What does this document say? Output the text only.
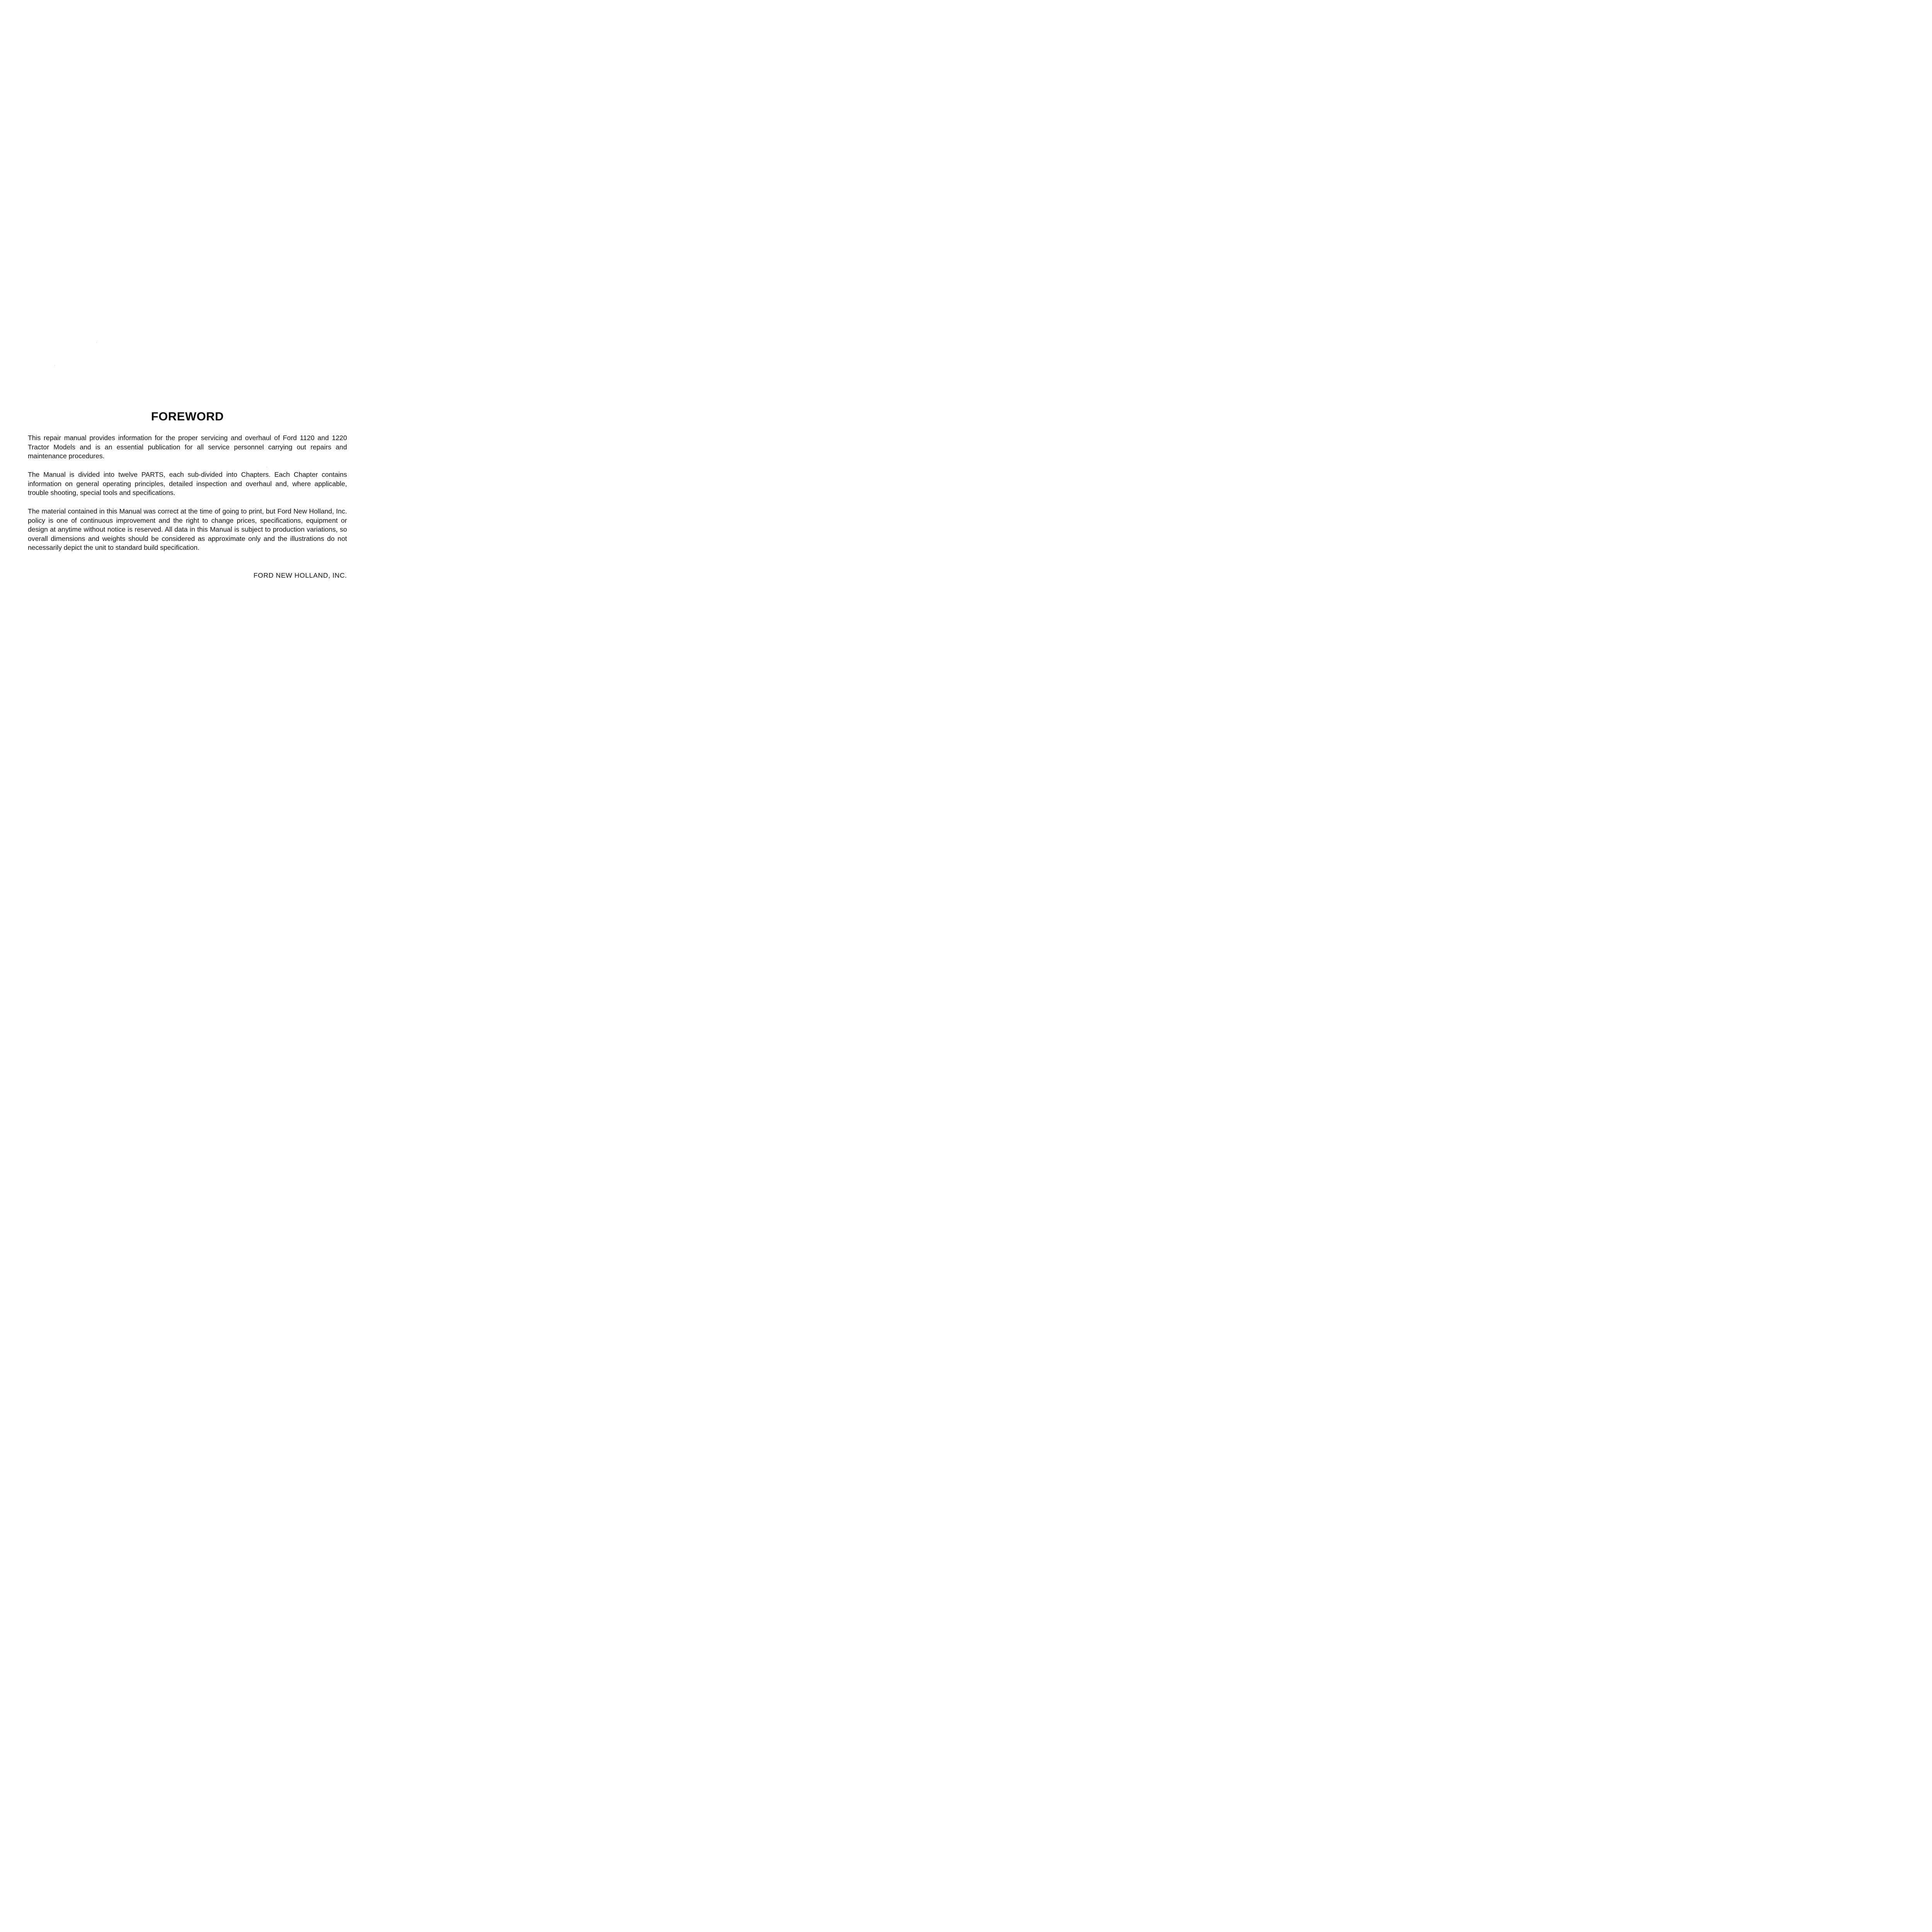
FOREWORD

This repair manual provides information for the proper servicing and overhaul of Ford 1120 and 1220 Tractor Models and is an essential publication for all service personnel carrying out repairs and maintenance procedures.

The Manual is divided into twelve PARTS, each sub-divided into Chapters. Each Chapter contains information on general operating principles, detailed inspection and overhaul and, where applicable, trouble shooting, special tools and specifications.

The material contained in this Manual was correct at the time of going to print, but Ford New Holland, Inc. policy is one of continuous improvement and the right to change prices, specifications, equipment or design at anytime without notice is reserved. All data in this Manual is subject to production variations, so overall dimensions and weights should be considered as approximate only and the illustrations do not necessarily depict the unit to standard build specification.

FORD NEW HOLLAND, INC.
